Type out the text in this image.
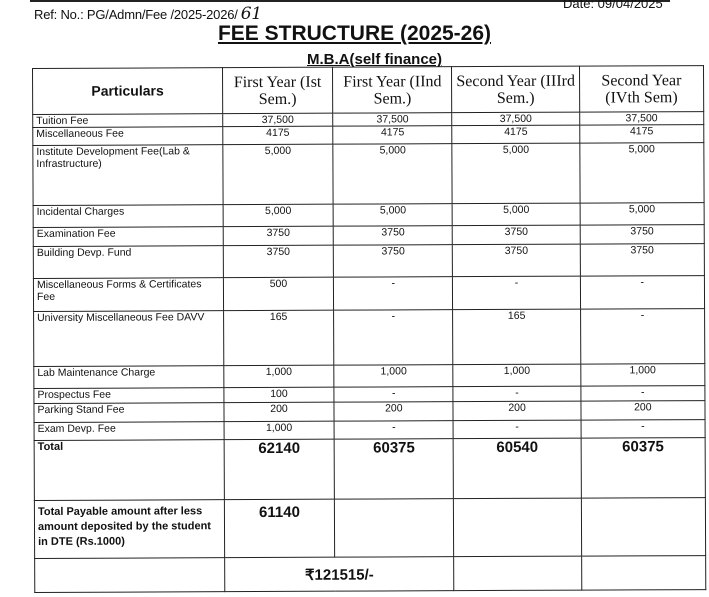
Ref: No.: PG/Admn/Fee /2025-2026/ 61
Date: 09/04/2025
FEE STRUCTURE (2025-26)
M.B.A(self finance)
Particulars	First Year (Ist Sem.)	First Year (IInd Sem.)	Second Year (IIIrd Sem.)	Second Year (IVth Sem)
Tuition Fee	37,500	37,500	37,500	37,500
Miscellaneous Fee	4175	4175	4175	4175
Institute Development Fee(Lab & Infrastructure)	5,000	5,000	5,000	5,000
Incidental Charges	5,000	5,000	5,000	5,000
Examination Fee	3750	3750	3750	3750
Building Devp. Fund	3750	3750	3750	3750
Miscellaneous Forms & Certificates Fee	500	-	-	-
University Miscellaneous Fee DAVV	165	-	165	-
Lab Maintenance Charge	1,000	1,000	1,000	1,000
Prospectus Fee	100	-	-	-
Parking Stand Fee	200	200	200	200
Exam Devp. Fee	1,000	-	-	-
Total	62140	60375	60540	60375
Total Payable amount after less amount deposited by the student in DTE (Rs.1000)	61140			
	₹121515/-			
